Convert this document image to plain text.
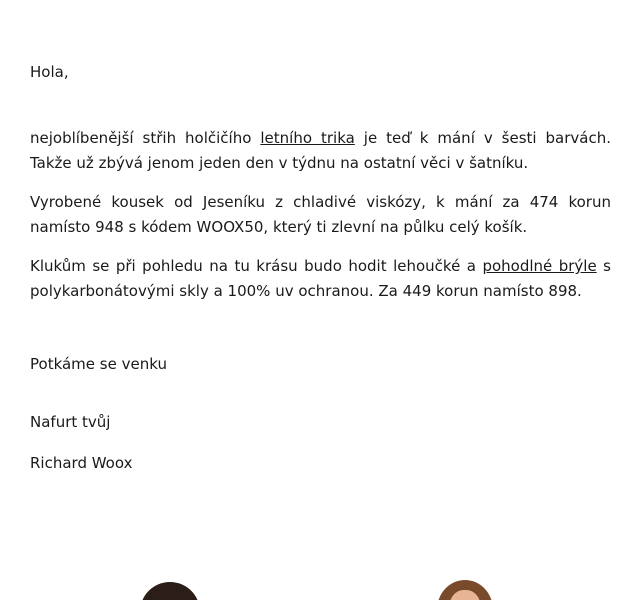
Hola,

nejoblíbenější střih holčičího letního trika je teď k mání v šesti barvách. Takže už zbývá jenom jeden den v týdnu na ostatní věci v šatníku.

Vyrobené kousek od Jeseníku z chladivé viskózy, k mání za 474 korun namísto 948 s kódem WOOX50, který ti zlevní na půlku celý košík.

Klukům se při pohledu na tu krásu budo hodit lehoučké a pohodlné brýle s polykarbonátovými skly a 100% uv ochranou. Za 449 korun namísto 898.

Potkáme se venku

Nafurt tvůj

Richard Woox
